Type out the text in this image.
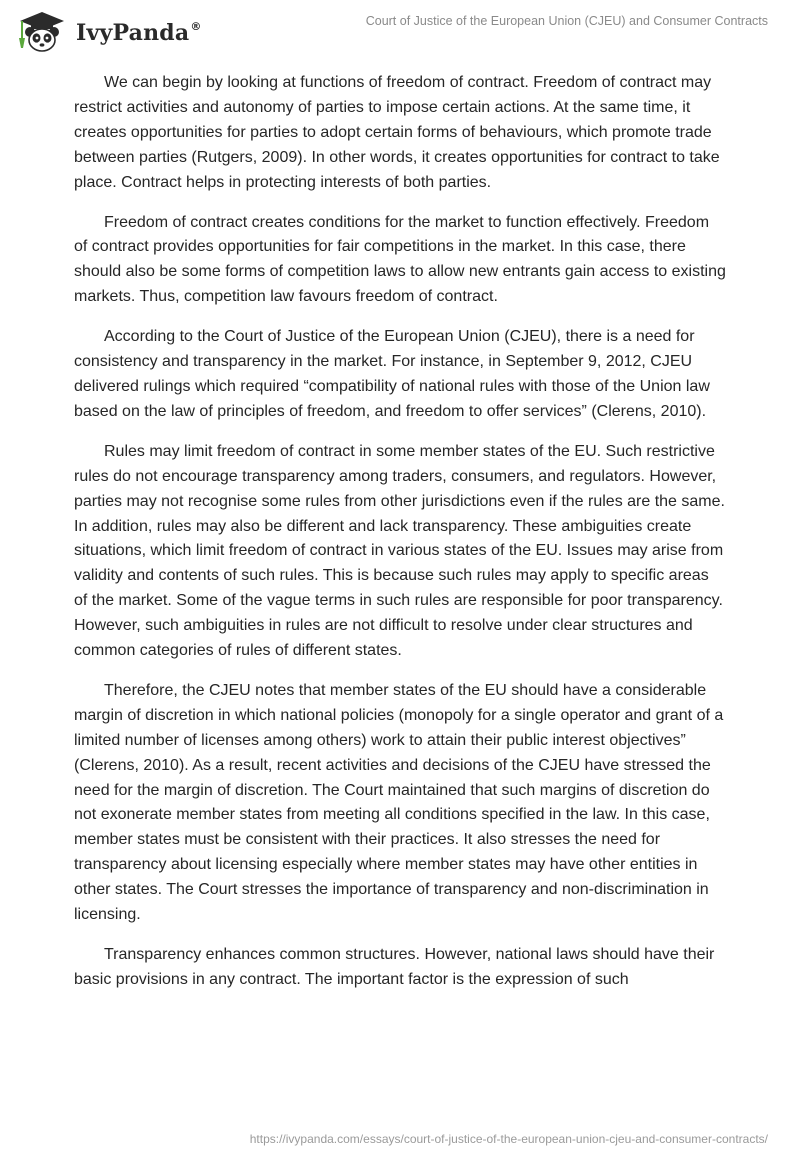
IvyPanda®	Court of Justice of the European Union (CJEU) and Consumer Contracts

We can begin by looking at functions of freedom of contract. Freedom of contract may restrict activities and autonomy of parties to impose certain actions. At the same time, it creates opportunities for parties to adopt certain forms of behaviours, which promote trade between parties (Rutgers, 2009). In other words, it creates opportunities for contract to take place. Contract helps in protecting interests of both parties.

Freedom of contract creates conditions for the market to function effectively. Freedom of contract provides opportunities for fair competitions in the market. In this case, there should also be some forms of competition laws to allow new entrants gain access to existing markets. Thus, competition law favours freedom of contract.

According to the Court of Justice of the European Union (CJEU), there is a need for consistency and transparency in the market. For instance, in September 9, 2012, CJEU delivered rulings which required “compatibility of national rules with those of the Union law based on the law of principles of freedom, and freedom to offer services” (Clerens, 2010).

Rules may limit freedom of contract in some member states of the EU. Such restrictive rules do not encourage transparency among traders, consumers, and regulators. However, parties may not recognise some rules from other jurisdictions even if the rules are the same. In addition, rules may also be different and lack transparency. These ambiguities create situations, which limit freedom of contract in various states of the EU. Issues may arise from validity and contents of such rules. This is because such rules may apply to specific areas of the market. Some of the vague terms in such rules are responsible for poor transparency. However, such ambiguities in rules are not difficult to resolve under clear structures and common categories of rules of different states.

Therefore, the CJEU notes that member states of the EU should have a considerable margin of discretion in which national policies (monopoly for a single operator and grant of a limited number of licenses among others) work to attain their public interest objectives” (Clerens, 2010). As a result, recent activities and decisions of the CJEU have stressed the need for the margin of discretion. The Court maintained that such margins of discretion do not exonerate member states from meeting all conditions specified in the law. In this case, member states must be consistent with their practices. It also stresses the need for transparency about licensing especially where member states may have other entities in other states. The Court stresses the importance of transparency and non-discrimination in licensing.

Transparency enhances common structures. However, national laws should have their basic provisions in any contract. The important factor is the expression of such

https://ivypanda.com/essays/court-of-justice-of-the-european-union-cjeu-and-consumer-contracts/
